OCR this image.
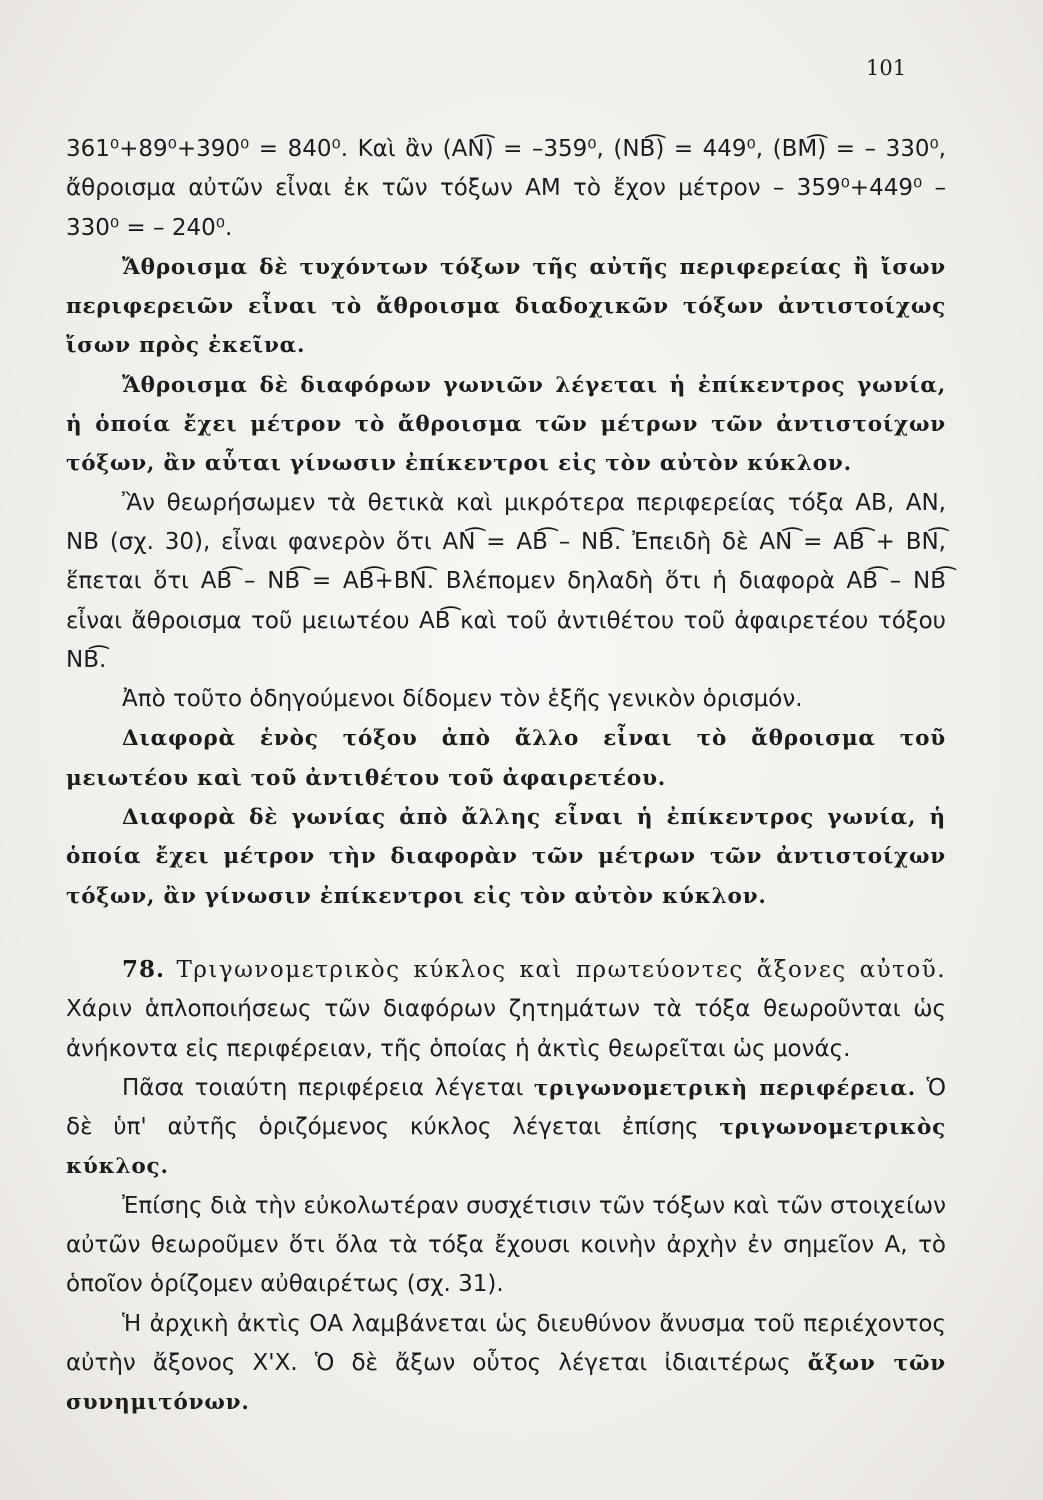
101

361⁰+89⁰+390⁰ = 840⁰. Καὶ ἂν (ΑΝ͡) = –359⁰, (ΝΒ͡) = 449⁰, (ΒΜ͡) = – 330⁰, ἄθροισμα αὐτῶν εἶναι ἐκ τῶν τόξων ΑΜ τὸ ἔχον μέτρον – 359⁰+449⁰ – 330⁰ = – 240⁰.

Ἄθροισμα δὲ τυχόντων τόξων τῆς αὐτῆς περιφερείας ἢ ἴσων περιφερειῶν εἶναι τὸ ἄθροισμα διαδοχικῶν τόξων ἀντιστοίχως ἴσων πρὸς ἐκεῖνα.

Ἄθροισμα δὲ διαφόρων γωνιῶν λέγεται ἡ ἐπίκεντρος γωνία, ἡ ὁποία ἔχει μέτρον τὸ ἄθροισμα τῶν μέτρων τῶν ἀντιστοίχων τόξων, ἂν αὗται γίνωσιν ἐπίκεντροι εἰς τὸν αὐτὸν κύκλον.

Ἂν θεωρήσωμεν τὰ θετικὰ καὶ μικρότερα περιφερείας τόξα ΑΒ, ΑΝ, ΝΒ (σχ. 30), εἶναι φανερὸν ὅτι ΑΝ͡ = ΑΒ͡ – ΝΒ͡. Ἐπειδὴ δὲ ΑΝ͡ = ΑΒ͡ + ΒΝ͡, ἕπεται ὅτι ΑΒ͡ – ΝΒ͡ = ΑΒ͡+ΒΝ͡. Βλέπομεν δηλαδὴ ὅτι ἡ διαφορὰ ΑΒ͡ – ΝΒ͡ εἶναι ἄθροισμα τοῦ μειωτέου ΑΒ͡ καὶ τοῦ ἀντιθέτου τοῦ ἀφαιρετέου τόξου ΝΒ͡.

Ἀπὸ τοῦτο ὁδηγούμενοι δίδομεν τὸν ἑξῆς γενικὸν ὁρισμόν.

Διαφορὰ ἑνὸς τόξου ἀπὸ ἄλλο εἶναι τὸ ἄθροισμα τοῦ μειωτέου καὶ τοῦ ἀντιθέτου τοῦ ἀφαιρετέου.

Διαφορὰ δὲ γωνίας ἀπὸ ἄλλης εἶναι ἡ ἐπίκεντρος γωνία, ἡ ὁποία ἔχει μέτρον τὴν διαφορὰν τῶν μέτρων τῶν ἀντιστοίχων τόξων, ἂν γίνωσιν ἐπίκεντροι εἰς τὸν αὐτὸν κύκλον.

78. Τριγωνομετρικὸς κύκλος καὶ πρωτεύοντες ἄξονες αὐτοῦ. Χάριν ἁπλοποιήσεως τῶν διαφόρων ζητημάτων τὰ τόξα θεωροῦνται ὡς ἀνήκοντα εἰς περιφέρειαν, τῆς ὁποίας ἡ ἀκτὶς θεωρεῖται ὡς μονάς.

Πᾶσα τοιαύτη περιφέρεια λέγεται τριγωνομετρικὴ περιφέρεια. Ὁ δὲ ὑπ' αὐτῆς ὁριζόμενος κύκλος λέγεται ἐπίσης τριγωνομετρικὸς κύκλος.

Ἐπίσης διὰ τὴν εὐκολωτέραν συσχέτισιν τῶν τόξων καὶ τῶν στοιχείων αὐτῶν θεωροῦμεν ὅτι ὅλα τὰ τόξα ἔχουσι κοινὴν ἀρχὴν ἐν σημεῖον Α, τὸ ὁποῖον ὁρίζομεν αὐθαιρέτως (σχ. 31).

Ἡ ἀρχικὴ ἀκτὶς ΟΑ λαμβάνεται ὡς διευθύνον ἄνυσμα τοῦ περιέχοντος αὐτὴν ἄξονος Χ'Χ. Ὁ δὲ ἄξων οὗτος λέγεται ἰδιαιτέρως ἄξων τῶν συνημιτόνων.
